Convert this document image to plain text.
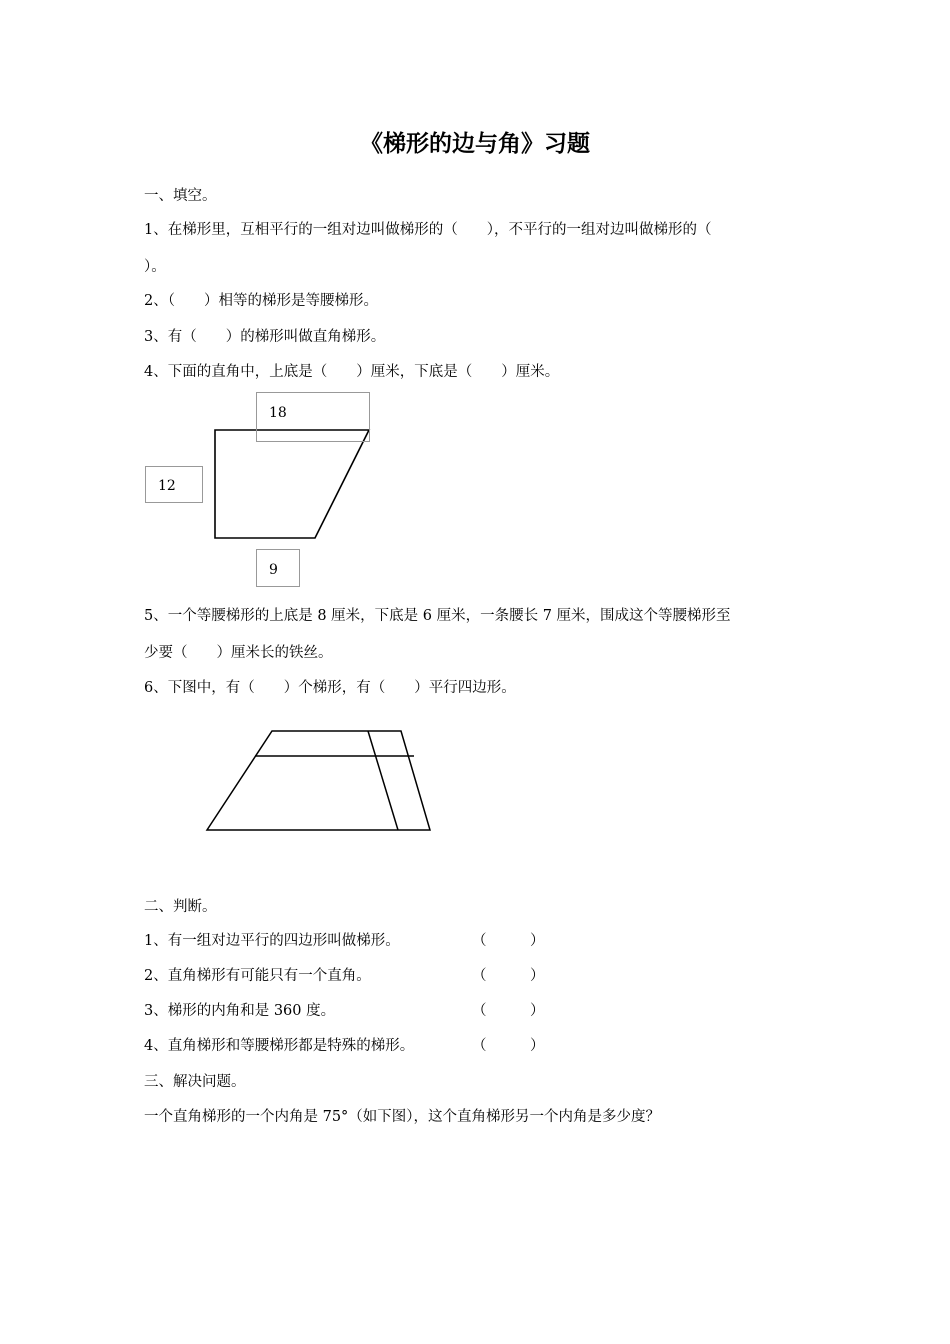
《梯形的边与角》习题
一、填空。
1、在梯形里，互相平行的一组对边叫做梯形的（　　），不平行的一组对边叫做梯形的（
）。
2、（　　）相等的梯形是等腰梯形。
3、有（　　）的梯形叫做直角梯形。
4、下面的直角中，上底是（　　）厘米，下底是（　　）厘米。
18
12
9
5、一个等腰梯形的上底是 8 厘米，下底是 6 厘米，一条腰长 7 厘米，围成这个等腰梯形至
少要（　　）厘米长的铁丝。
6、下图中，有（　　）个梯形，有（　　）平行四边形。
二、判断。
1、有一组对边平行的四边形叫做梯形。	（　　　）
2、直角梯形有可能只有一个直角。	（　　　）
3、梯形的内角和是 360 度。	（　　　）
4、直角梯形和等腰梯形都是特殊的梯形。	（　　　）
三、解决问题。
一个直角梯形的一个内角是 75°（如下图），这个直角梯形另一个内角是多少度？
